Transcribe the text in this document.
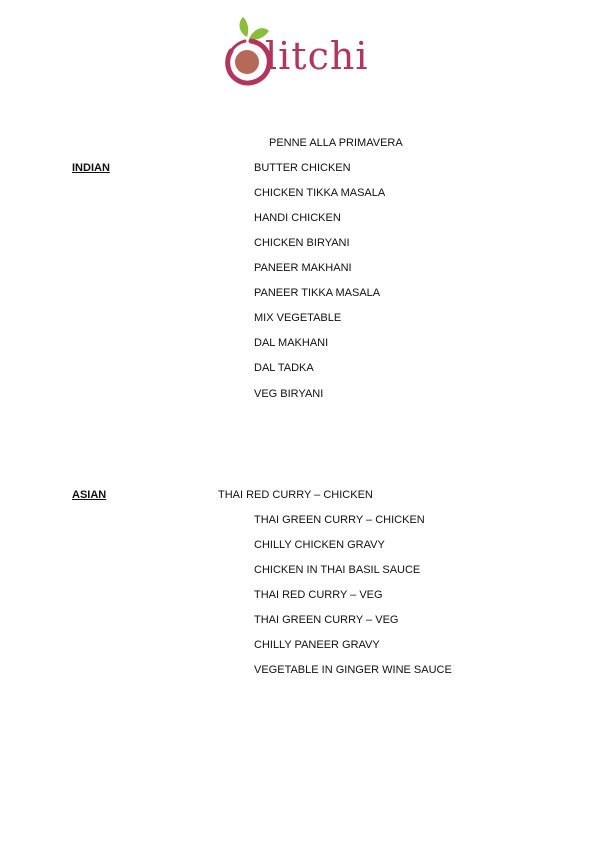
litchi
PENNE ALLA PRIMAVERA
INDIAN	BUTTER CHICKEN
CHICKEN TIKKA MASALA
HANDI CHICKEN
CHICKEN BIRYANI
PANEER MAKHANI
PANEER TIKKA MASALA
MIX VEGETABLE
DAL MAKHANI
DAL TADKA
VEG BIRYANI
ASIAN	THAI RED CURRY – CHICKEN
THAI GREEN CURRY – CHICKEN
CHILLY CHICKEN GRAVY
CHICKEN IN THAI BASIL SAUCE
THAI RED CURRY – VEG
THAI GREEN CURRY – VEG
CHILLY PANEER GRAVY
VEGETABLE IN GINGER WINE SAUCE
